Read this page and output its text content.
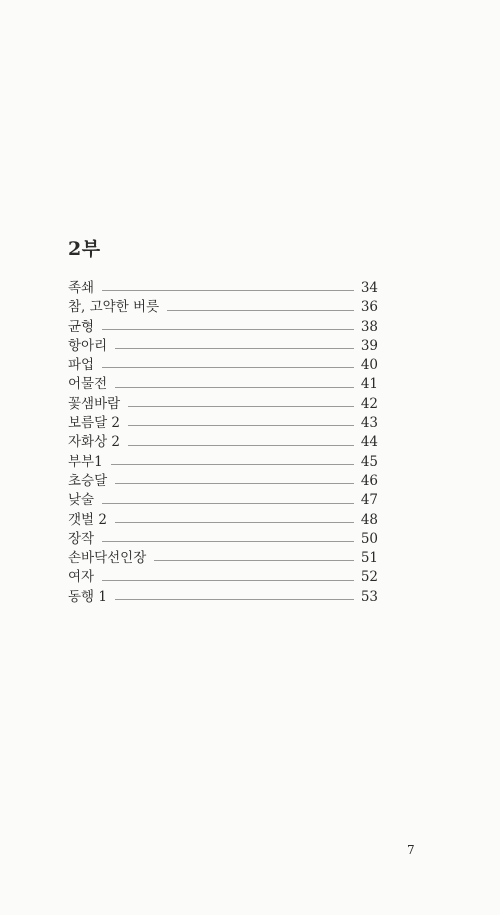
2부
족쇄	34
참, 고약한 버릇	36
균형	38
항아리	39
파업	40
어물전	41
꽃샘바람	42
보름달 2	43
자화상 2	44
부부1	45
초승달	46
낮술	47
갯벌 2	48
장작	50
손바닥선인장	51
여자	52
동행 1	53
7
